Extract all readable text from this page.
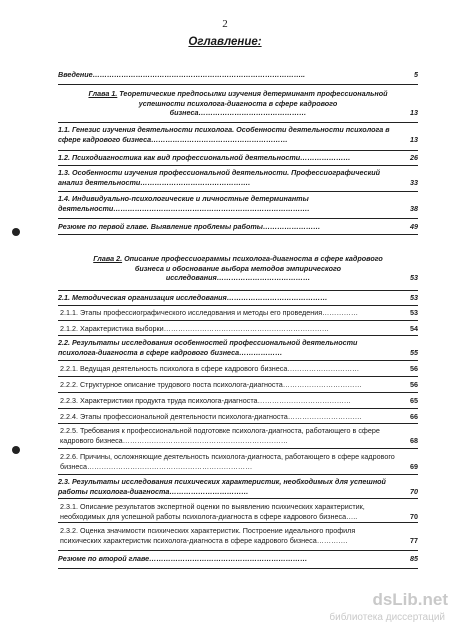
2
Оглавление:
Введение……………………………………………………………………………..	5
Глава 1. Теоретические предпосылки изучения детерминант профессиональной успешности психолога-диагноста в сфере кадрового бизнеса………………………………………	13
1.1. Генезис изучения деятельности психолога. Особенности деятельности психолога в сфере кадрового бизнеса…………………………………………………	13
1.2. Психодиагностика как вид профессиональной деятельности…………………	26
1.3. Особенности изучения профессиональной деятельности. Профессиографический анализ деятельности……………………………………….	33
1.4. Индивидуально-психологические и личностные детерминанты деятельности……………………………………………………………………….	38
Резюме по первой главе. Выявление проблемы работы……………………	49
Глава 2. Описание профессиограммы психолога-диагноста в сфере кадрового бизнеса и обоснование выбора методов эмпирического исследования…………………………………	53
2.1. Методическая организация исследования……………………………………	53
2.1.1. Этапы профессиографического исследования и методы его проведения……………	53
2.1.2. Характеристика выборки……………………………………………………………	54
2.2. Результаты исследования особенностей профессиональной деятельности психолога-диагноста в сфере кадрового бизнеса………………	55
2.2.1. Ведущая деятельность психолога в сфере кадрового бизнеса…………………………	56
2.2.2. Структурное описание трудового поста психолога-диагноста……………………………	56
2.2.3. Характеристики продукта труда психолога-диагноста…………………………………	65
2.2.4. Этапы профессиональной деятельности психолога-диагноста………………………….	66
2.2.5. Требования к профессиональной подготовке психолога-диагноста, работающего в сфере кадрового бизнеса……………………………………………………………	68
2.2.6. Причины, осложняющие деятельность психолога-диагноста, работающего в сфере кадрового бизнеса……………………………………………………………	69
2.3. Результаты исследования психических характеристик, необходимых для успешной работы психолога-диагноста……………………………	70
2.3.1. Описание результатов экспертной оценки по выявлению психических характеристик, необходимых для успешной работы психолога-диагноста в сфере кадрового бизнеса…..	70
2.3.2. Оценка значимости психических характеристик. Построение идеального профиля психических характеристик психолога-диагноста в сфере кадрового бизнеса………….	77
Резюме по второй главе…………………………………………………………	85
dsLib.net
библиотека диссертаций
